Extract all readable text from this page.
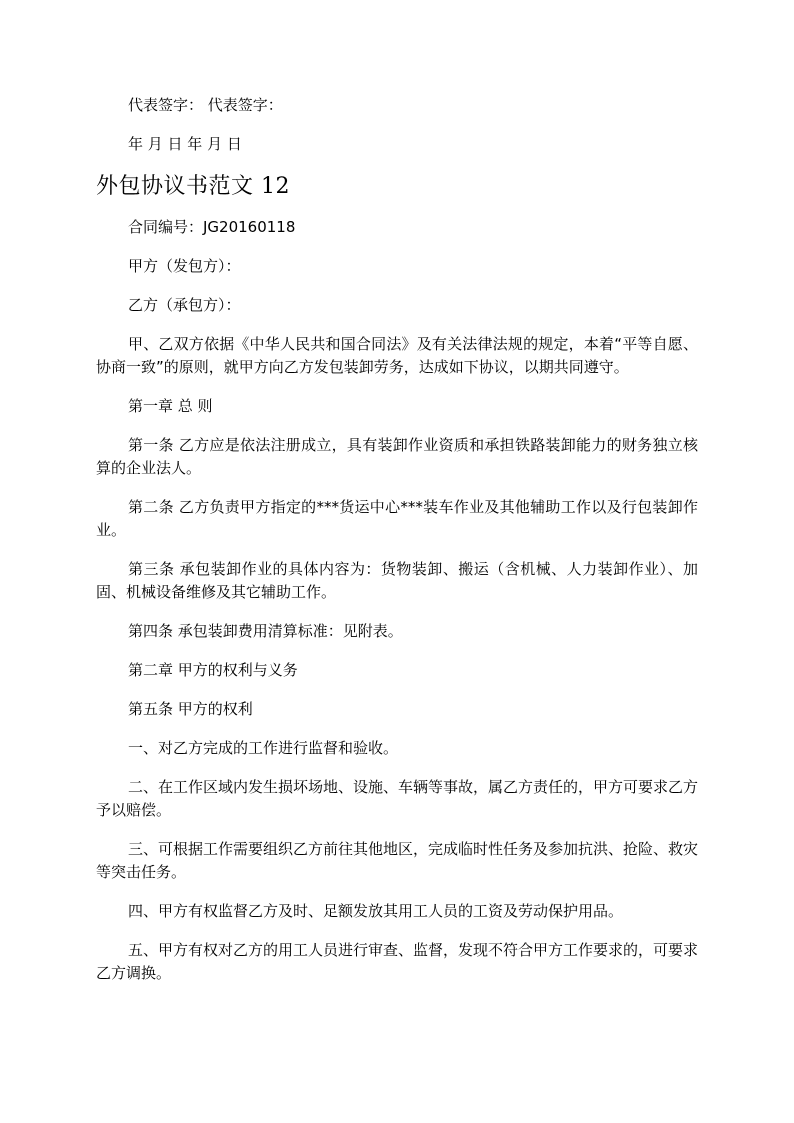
代表签字： 代表签字：

年 月 日 年 月 日

外包协议书范文 12

合同编号：JG20160118

甲方（发包方）：

乙方（承包方）：

甲、乙双方依据《中华人民共和国合同法》及有关法律法规的规定，本着“平等自愿、协商一致”的原则，就甲方向乙方发包装卸劳务，达成如下协议，以期共同遵守。

第一章 总 则

第一条 乙方应是依法注册成立，具有装卸作业资质和承担铁路装卸能力的财务独立核算的企业法人。

第二条 乙方负责甲方指定的***货运中心***装车作业及其他辅助工作以及行包装卸作业。

第三条 承包装卸作业的具体内容为：货物装卸、搬运（含机械、人力装卸作业）、加固、机械设备维修及其它辅助工作。

第四条 承包装卸费用清算标准：见附表。

第二章 甲方的权利与义务

第五条 甲方的权利

一、对乙方完成的工作进行监督和验收。

二、在工作区域内发生损坏场地、设施、车辆等事故，属乙方责任的，甲方可要求乙方予以赔偿。

三、可根据工作需要组织乙方前往其他地区，完成临时性任务及参加抗洪、抢险、救灾等突击任务。

四、甲方有权监督乙方及时、足额发放其用工人员的工资及劳动保护用品。

五、甲方有权对乙方的用工人员进行审查、监督，发现不符合甲方工作要求的，可要求乙方调换。
